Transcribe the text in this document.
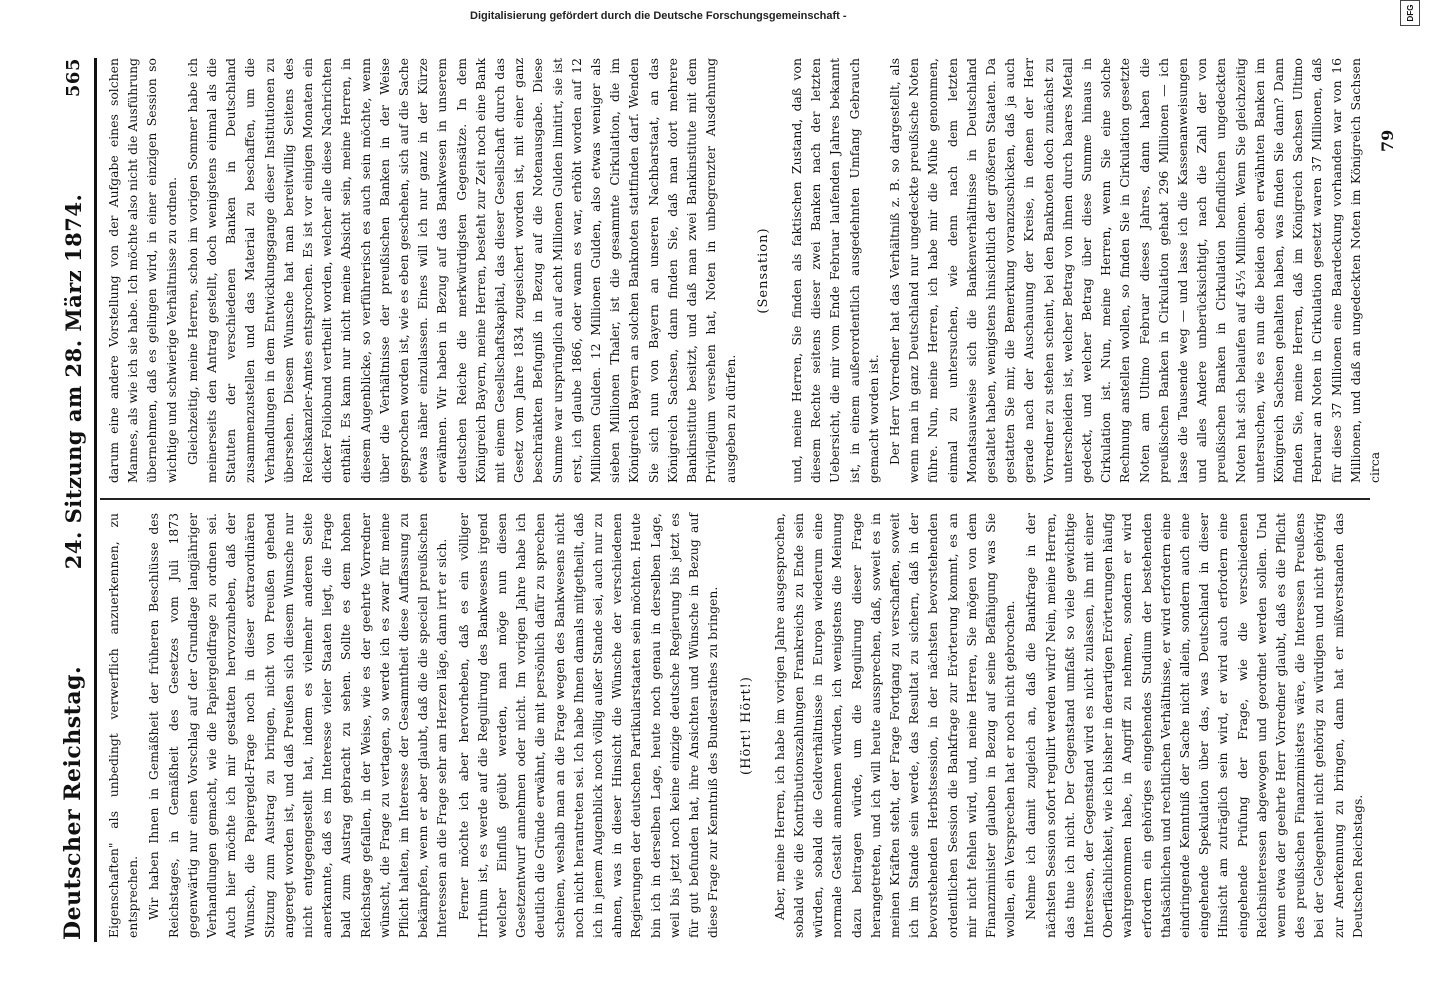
Deutscher Reichstag.
24. Sitzung am 28. März 1874.
565

Eigenschaften" als unbedingt verwerflich anzuerkennen, zu entsprechen. Wir haben Ihnen in Gemäßheit der früheren Beschlüsse des Reichstages, in Gemäßheit des Gesetzes vom Juli 1873 gegenwärtig nur einen Vorschlag auf der Grundlage langjähriger Verhandlungen gemacht, wie die Papiergeldfrage zu ordnen sei. Auch hier möchte ich mir gestatten hervorzuheben, daß der Wunsch, die Papiergeld-Frage noch in dieser extraordinären Sitzung zum Austrag zu bringen, nicht von Preußen gehend angeregt worden ist, und daß Preußen sich diesem Wunsche nur nicht entgegengestellt hat, indem es vielmehr anderen Seite anerkannte, daß es im Interesse vieler Staaten liegt, die Frage bald zum Austrag gebracht zu sehen. Sollte es dem hohen Reichstage gefallen, in der Weise, wie es der geehrte Vorredner wünscht, die Frage zu vertagen, so werde ich es zwar für meine Pflicht halten, im Interesse der Gesammtheit diese Auffassung zu bekämpfen, wenn er aber glaubt, daß die die speciell preußischen Interessen an die Frage sehr am Herzen läge, dann irrt er sich. Ferner möchte ich aber hervorheben, daß es ein völliger Irrthum ist, es werde auf die Regulirung des Bankwesens irgend welcher Einfluß geübt werden, man möge nun diesen Gesetzentwurf annehmen oder nicht. Im vorigen Jahre habe ich deutlich die Gründe erwähnt, die mit persönlich dafür zu sprechen scheinen, weshalb man an die Frage wegen des Bankwesens nicht noch nicht herantreten sei. Ich habe Ihnen damals mitgetheilt, daß ich in jenem Augenblick noch völlig außer Stande sei, auch nur zu ahnen, was in dieser Hinsicht die Wünsche der verschiedenen Regierungen der deutschen Partikularstaaten sein möchten. Heute bin ich in derselben Lage, heute noch genau in derselben Lage, weil bis jetzt noch keine einzige deutsche Regierung bis jetzt es für gut befunden hat, ihre Ansichten und Wünsche in Bezug auf diese Frage zur Kenntniß des Bundesrathes zu bringen. (Hört! Hört!) Aber, meine Herren, ich habe im vorigen Jahre ausgesprochen, sobald wie die Kontributionszahlungen Frankreichs zu Ende sein würden, sobald die Geldverhältnisse in Europa wiederum eine normale Gestalt annehmen würden, ich wenigstens die Meinung dazu beitragen würde, um die Regulirung dieser Frage herangetreten, und ich will heute aussprechen, daß, soweit es in meinen Kräften steht, der Frage Fortgang zu verschaffen, soweit ich im Stande sein werde, das Resultat zu sichern, daß in der bevorstehenden Herbstsession, in der nächsten bevorstehenden ordentlichen Session die Bankfrage zur Erörterung kommt, es an mir nicht fehlen wird, und, meine Herren, Sie mögen von dem Finanzminister glauben in Bezug auf seine Befähigung was Sie wollen, ein Versprechen hat er noch nicht gebrochen. Nehme ich damit zugleich an, daß die Bankfrage in der nächsten Session sofort regulirt werden wird? Nein, meine Herren, das thue ich nicht. Der Gegenstand umfaßt so viele gewichtige Interessen, der Gegenstand wird es nicht zulassen, ihn mit einer Oberflächlichkeit, wie ich bisher in derartigen Erörterungen häufig wahrgenommen habe, in Angriff zu nehmen, sondern er wird erfordern ein gehöriges eingehendes Studium der bestehenden thatsächlichen und rechtlichen Verhältnisse, er wird erfordern eine eindringende Kenntniß der Sache nicht allein, sondern auch eine eingehende Spekulation über das, was Deutschland in dieser Hinsicht am zuträglich sein wird, er wird auch erfordern eine eingehende Prüfung der Frage, wie die verschiedenen Reichsinteressen abgewogen und geordnet werden sollen. Und wenn etwa der geehrte Herr Vorredner glaubt, daß es die Pflicht des preußischen Finanzministers wäre, die Interessen Preußens bei der Gelegenheit nicht gehörig zu würdigen und nicht gehörig zur Anerkennung zu bringen, dann hat er mißverstanden das Deutschen Reichstags.

darum eine andere Vorstellung von der Aufgabe eines solchen Mannes, als wie ich sie habe. Ich möchte also nicht die Ausführung übernehmen, daß es gelingen wird, in einer einzigen Session so wichtige und schwierige Verhältnisse zu ordnen. Gleichzeitig, meine Herren, schon im vorigen Sommer habe ich meinerseits den Antrag gestellt, doch wenigstens einmal als die Statuten der verschiedenen Banken in Deutschland zusammenzustellen und das Material zu beschaffen, um die Verhandlungen in dem Entwicklungsgange dieser Institutionen zu übersehen. Diesem Wunsche hat man bereitwillig Seitens des Reichskanzler-Amtes entsprochen. Es ist vor einigen Monaten ein dicker Foliobund vertheilt worden, welcher alle diese Nachrichten enthält. Es kann nur nicht meine Absicht sein, meine Herren, in diesem Augenblicke, so verführerisch es auch sein möchte, wenn über die Verhältnisse der preußischen Banken in der Weise gesprochen worden ist, wie es eben geschehen, sich auf die Sache etwas näher einzulassen. Eines will ich nur ganz in der Kürze erwähnen. Wir haben in Bezug auf das Bankwesen in unserem deutschen Reiche die merkwürdigsten Gegensätze. In dem Königreich Bayern, meine Herren, besteht zur Zeit noch eine Bank mit einem Gesellschaftskapital, das dieser Gesellschaft durch das Gesetz vom Jahre 1834 zugesichert worden ist, mit einer ganz beschränkten Befugniß in Bezug auf die Notenausgabe. Diese Summe war ursprünglich auf acht Millionen Gulden limitirt, sie ist erst, ich glaube 1866, oder wann es war, erhöht worden auf 12 Millionen Gulden. 12 Millionen Gulden, also etwas weniger als sieben Millionen Thaler, ist die gesammte Cirkulation, die im Königreich Bayern an solchen Banknoten stattfinden darf. Wenden Sie sich nun von Bayern an unseren Nachbarstaat, an das Königreich Sachsen, dann finden Sie, daß man dort mehrere Bankinstitute besitzt, und daß man zwei Bankinstitute mit dem Privilegium versehen hat, Noten in unbegrenzter Ausdehnung ausgeben zu dürfen.

(Sensation) und, meine Herren, Sie finden als faktischen Zustand, daß von diesem Rechte seitens dieser zwei Banken nach der letzten Uebersicht, die mir vom Ende Februar laufenden Jahres bekannt ist, in einem außerordentlich ausgedehnten Umfang Gebrauch gemacht worden ist. Der Herr Vorredner hat das Verhältniß z. B. so dargestellt, als wenn man in ganz Deutschland nur ungedeckte preußische Noten führe. Nun, meine Herren, ich habe mir die Mühe genommen, einmal zu untersuchen, wie denn nach dem letzten Monatsausweise sich die Bankenverhältnisse in Deutschland gestaltet haben, wenigstens hinsichtlich der größeren Staaten. Da gestatten Sie mir, die Bemerkung voranzuschicken, daß ja auch gerade nach der Auschauung der Kreise, in denen der Herr Vorredner zu stehen scheint, bei den Banknoten doch zunächst zu unterscheiden ist, welcher Betrag von ihnen durch baares Metall gedeckt, und welcher Betrag über diese Summe hinaus in Cirkulation ist. Nun, meine Herren, wenn Sie eine solche Rechnung anstellen wollen, so finden Sie in Cirkulation gesetzte Noten am Ultimo Februar dieses Jahres, dann haben die preußischen Banken in Cirkulation gehabt 296 Millionen — ich lasse die Tausende weg — und lasse ich die Kassenanweisungen und alles Andere unberücksichtigt, nach die Zahl der von preußischen Banken in Cirkulation befindlichen ungedeckten Noten hat sich belaufen auf 45⅓ Millionen. Wenn Sie gleichzeitig untersuchen, wie es nun die beiden oben erwähnten Banken im Königreich Sachsen gehalten haben, was finden Sie dann? Dann finden Sie, meine Herren, daß im Königreich Sachsen Ultimo Februar an Noten in Cirkulation gesetzt waren 37 Millionen, daß für diese 37 Millionen eine Baardeckung vorhanden war von 16 Millionen, und daß an ungedeckten Noten im Königreich Sachsen circa

79
Digitalisierung gefördert durch die Deutsche Forschungsgemeinschaft -	DFG
